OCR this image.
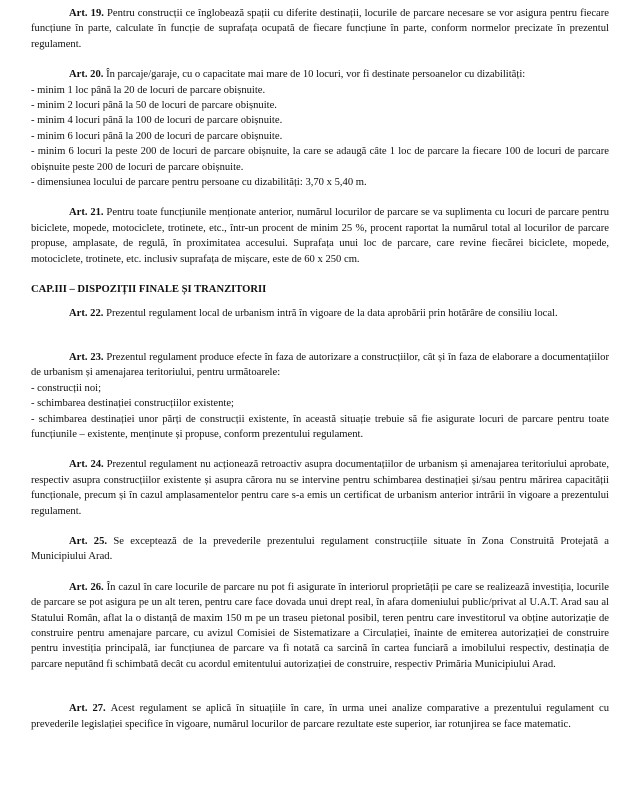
Art. 19. Pentru construcții ce înglobează spații cu diferite destinații, locurile de parcare necesare se vor asigura pentru fiecare funcțiune în parte, calculate în funcție de suprafața ocupată de fiecare funcțiune în parte, conform normelor precizate în prezentul regulament.

Art. 20. În parcaje/garaje, cu o capacitate mai mare de 10 locuri, vor fi destinate persoanelor cu dizabilități:

- minim 1 loc până la 20 de locuri de parcare obișnuite.
- minim 2 locuri până la 50 de locuri de parcare obișnuite.
- minim 4 locuri până la 100 de locuri de parcare obișnuite.
- minim 6 locuri până la 200 de locuri de parcare obișnuite.
- minim 6 locuri la peste 200 de locuri de parcare obișnuite, la care se adaugă câte 1 loc de parcare la fiecare 100 de locuri de parcare obișnuite peste 200 de locuri de parcare obișnuite.
- dimensiunea locului de parcare pentru persoane cu dizabilități: 3,70 x 5,40 m.

Art. 21. Pentru toate funcțiunile menționate anterior, numărul locurilor de parcare se va suplimenta cu locuri de parcare pentru biciclete, mopede, motociclete, trotinete, etc., într-un procent de minim 25 %, procent raportat la numărul total al locurilor de parcare propuse, amplasate, de regulă, în proximitatea accesului. Suprafața unui loc de parcare, care revine fiecărei biciclete, mopede, motociclete, trotinete, etc. inclusiv suprafața de mișcare, este de 60 x 250 cm.

CAP.III – DISPOZIȚII FINALE ȘI TRANZITORII

Art. 22. Prezentul regulament local de urbanism intră în vigoare de la data aprobării prin hotărâre de consiliu local.

Art. 23. Prezentul regulament produce efecte în faza de autorizare a construcțiilor, cât și în faza de elaborare a documentațiilor de urbanism și amenajarea teritoriului, pentru următoarele:

- construcții noi;
- schimbarea destinației construcțiilor existente;
- schimbarea destinației unor părți de construcții existente, în această situație trebuie să fie asigurate locuri de parcare pentru toate funcțiunile – existente, menținute și propuse, conform prezentului regulament.

Art. 24. Prezentul regulament nu acționează retroactiv asupra documentațiilor de urbanism și amenajarea teritoriului aprobate, respectiv asupra construcțiilor existente și asupra cărora nu se intervine pentru schimbarea destinației și/sau pentru mărirea capacității funcționale, precum și în cazul amplasamentelor pentru care s-a emis un certificat de urbanism anterior intrării în vigoare a prezentului regulament.

Art. 25. Se exceptează de la prevederile prezentului regulament construcțiile situate în Zona Construită Protejată a Municipiului Arad.

Art. 26. În cazul în care locurile de parcare nu pot fi asigurate în interiorul proprietății pe care se realizează investiția, locurile de parcare se pot asigura pe un alt teren, pentru care face dovada unui drept real, în afara domeniului public/privat al U.A.T. Arad sau al Statului Român, aflat la o distanță de maxim 150 m pe un traseu pietonal posibil, teren pentru care investitorul va obține autorizație de construire pentru amenajare parcare, cu avizul Comisiei de Sistematizare a Circulației, înainte de emiterea autorizației de construire pentru investiția principală, iar funcțiunea de parcare va fi notată ca sarcină în cartea funciară a imobilului respectiv, destinația de parcare neputând fi schimbată decât cu acordul emitentului autorizației de construire, respectiv Primăria Municipiului Arad.

Art. 27. Acest regulament se aplică în situațiile în care, în urma unei analize comparative a prezentului regulament cu prevederile legislației specifice în vigoare, numărul locurilor de parcare rezultate este superior, iar rotunjirea se face matematic.
